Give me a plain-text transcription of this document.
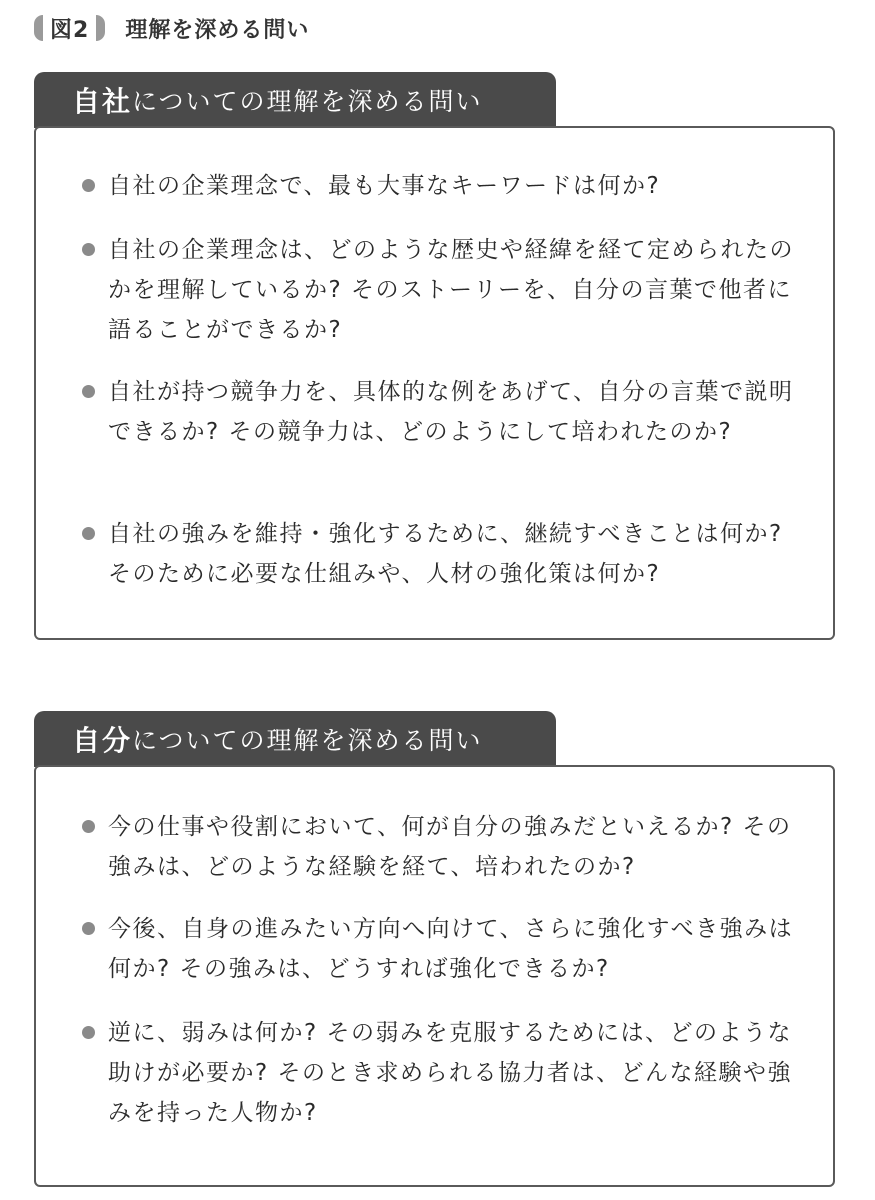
図2	理解を深める問い
自社 についての理解を深める問い
自社の企業理念で、最も大事なキーワードは何か?
自社の企業理念は、どのような歴史や経緯を経て定められたのかを理解しているか? そのストーリーを、自分の言葉で他者に語ることができるか?
自社が持つ競争力を、具体的な例をあげて、自分の言葉で説明できるか? その競争力は、どのようにして培われたのか?
自社の強みを維持・強化するために、継続すべきことは何か? そのために必要な仕組みや、人材の強化策は何か?
自分 についての理解を深める問い
今の仕事や役割において、何が自分の強みだといえるか? その強みは、どのような経験を経て、培われたのか?
今後、自身の進みたい方向へ向けて、さらに強化すべき強みは何か? その強みは、どうすれば強化できるか?
逆に、弱みは何か? その弱みを克服するためには、どのような助けが必要か? そのとき求められる協力者は、どんな経験や強みを持った人物か?
